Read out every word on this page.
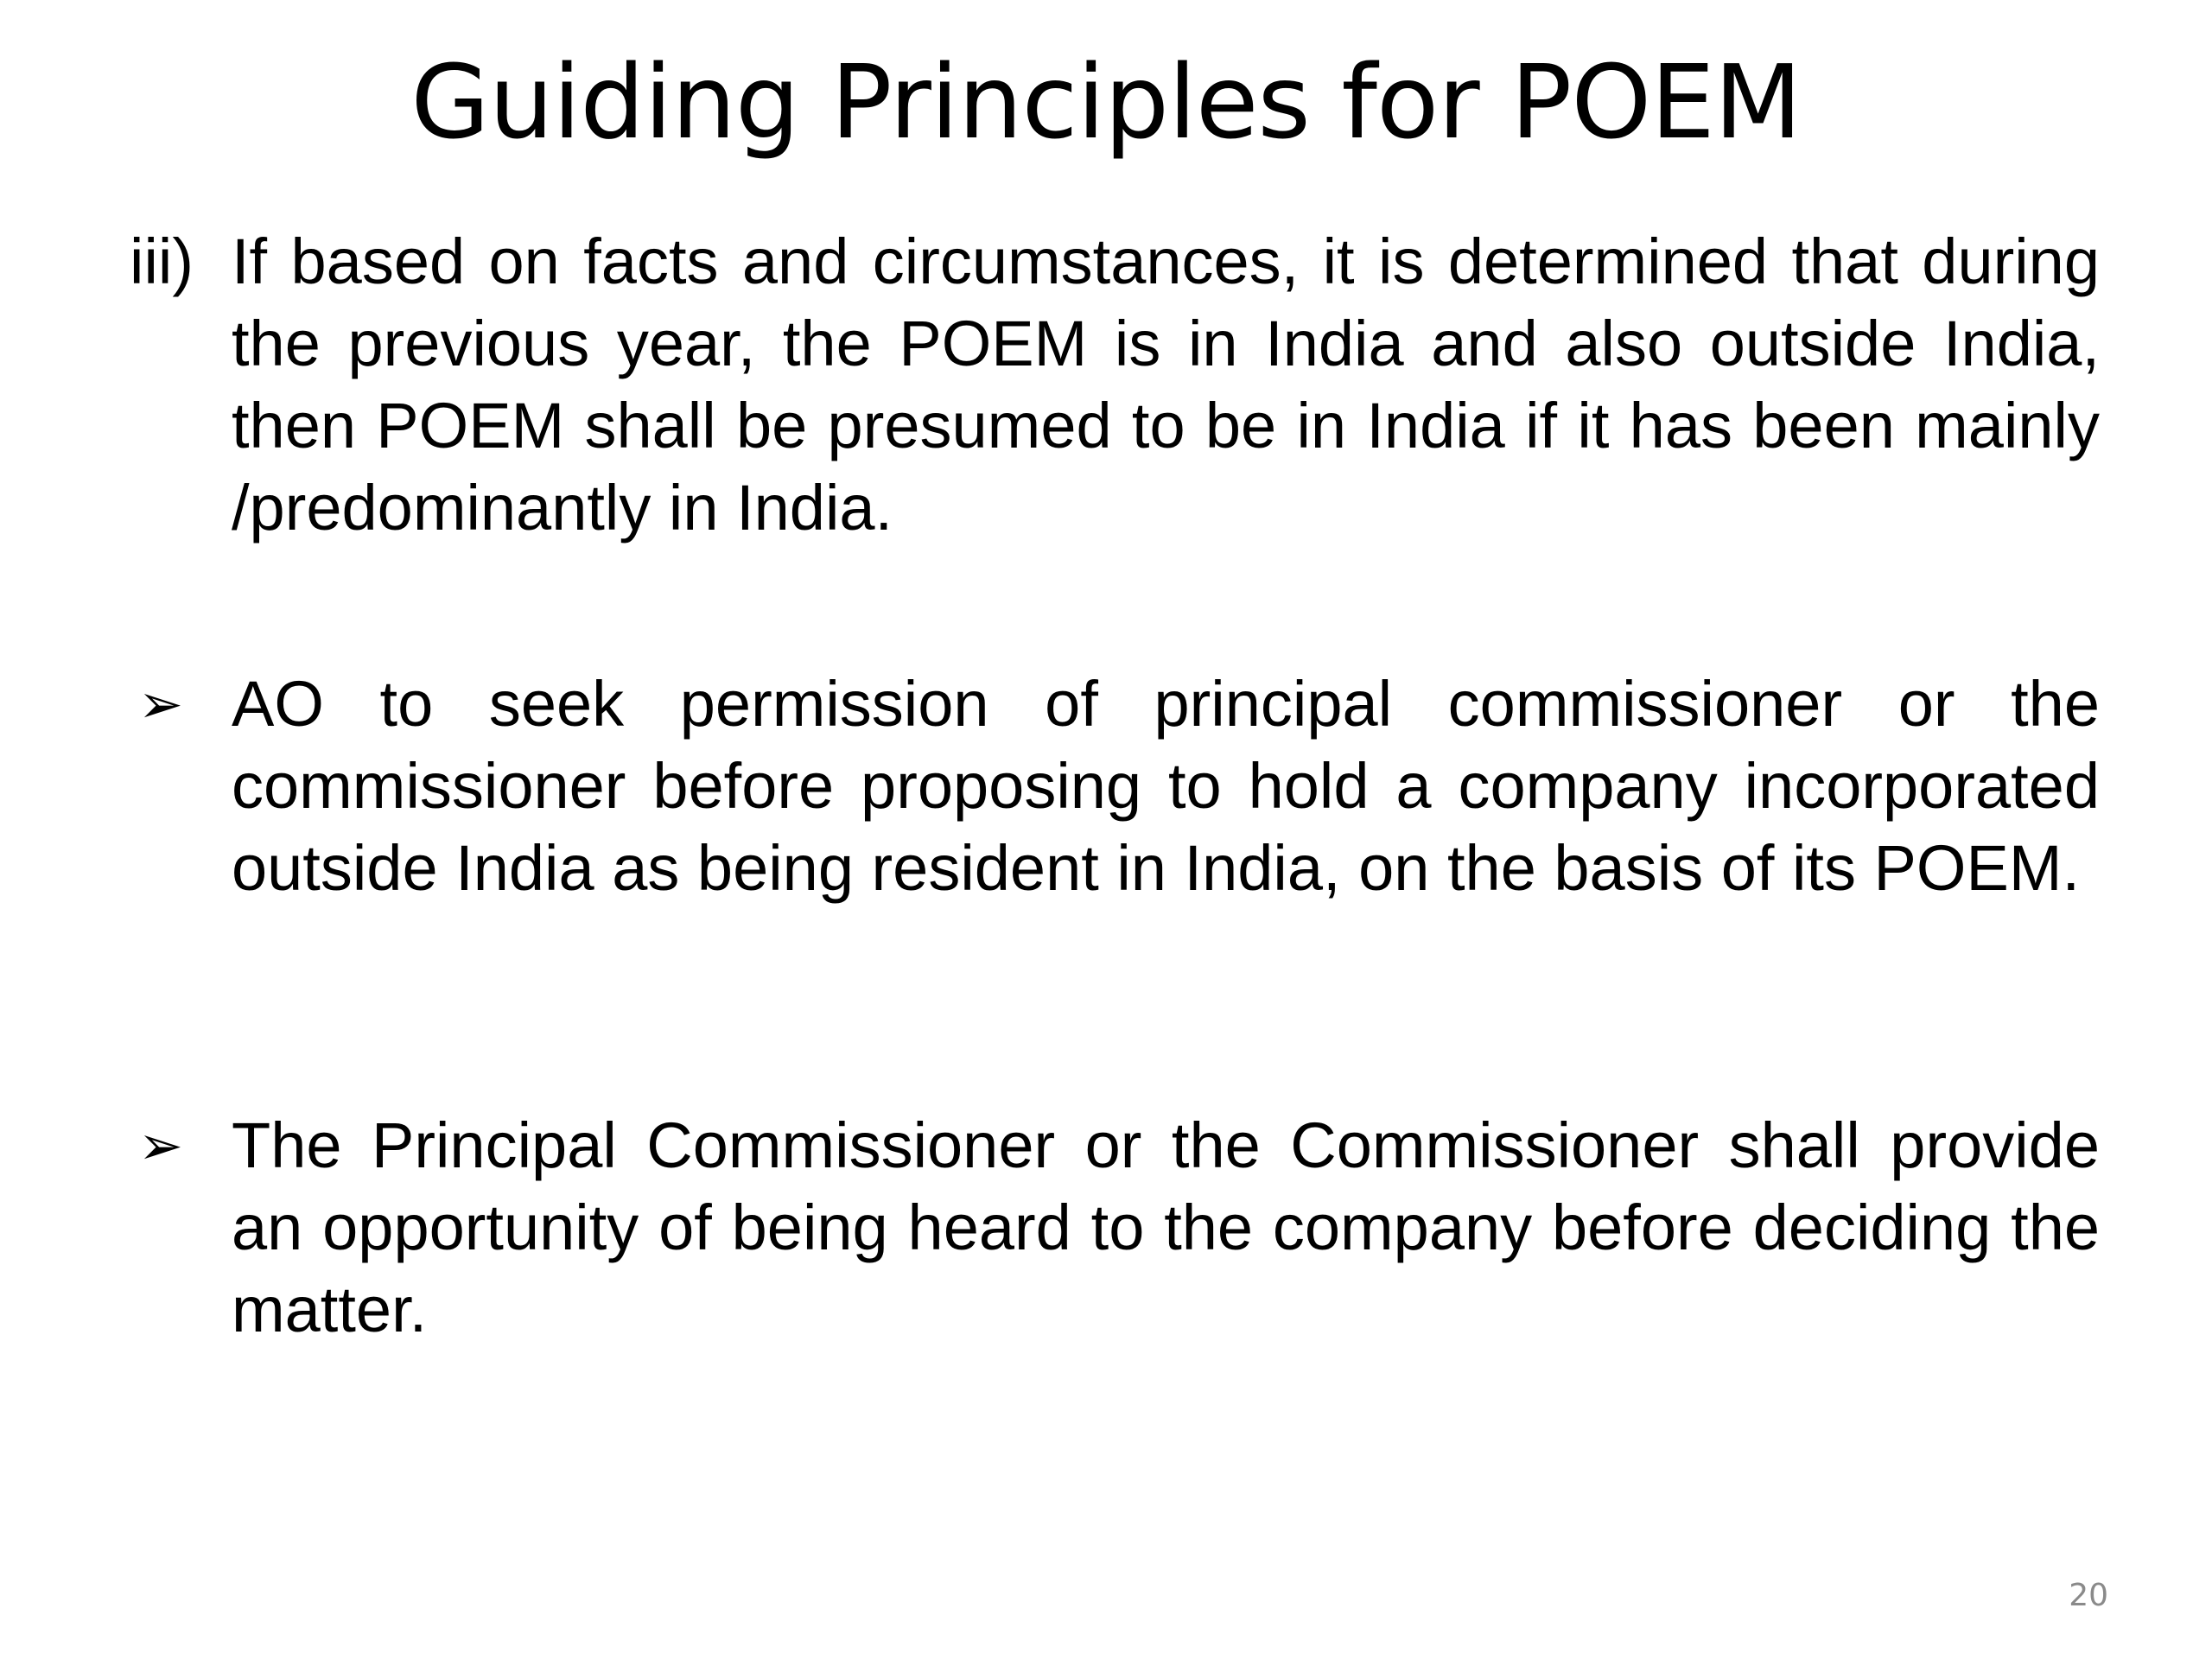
Guiding Principles for POEM
iii) If based on facts and circumstances, it is determined that during the previous year, the POEM is in India and also outside India, then POEM shall be presumed to be in India if it has been mainly /predominantly in India.

➢ AO to seek permission of principal commissioner or the commissioner before proposing to hold a company incorporated outside India as being resident in India, on the basis of its POEM.

➢ The Principal Commissioner or the Commissioner shall provide an opportunity of being heard to the company before deciding the matter.

20
